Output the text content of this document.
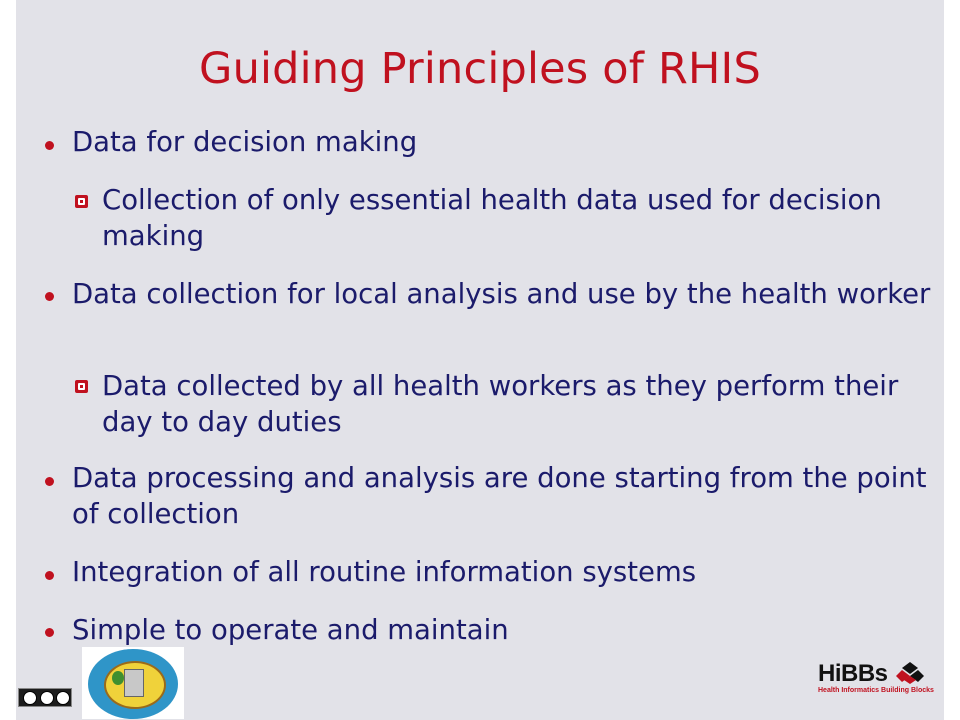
Guiding Principles of RHIS
Data for decision making
Collection of only essential health data used for decision making
Data collection for local analysis and use by the health worker
Data collected by all health workers as they perform their day to day duties
Data processing and analysis are done starting from the point of collection
Integration of all routine information systems
Simple to operate and maintain
HiBBs
Health Informatics Building Blocks
